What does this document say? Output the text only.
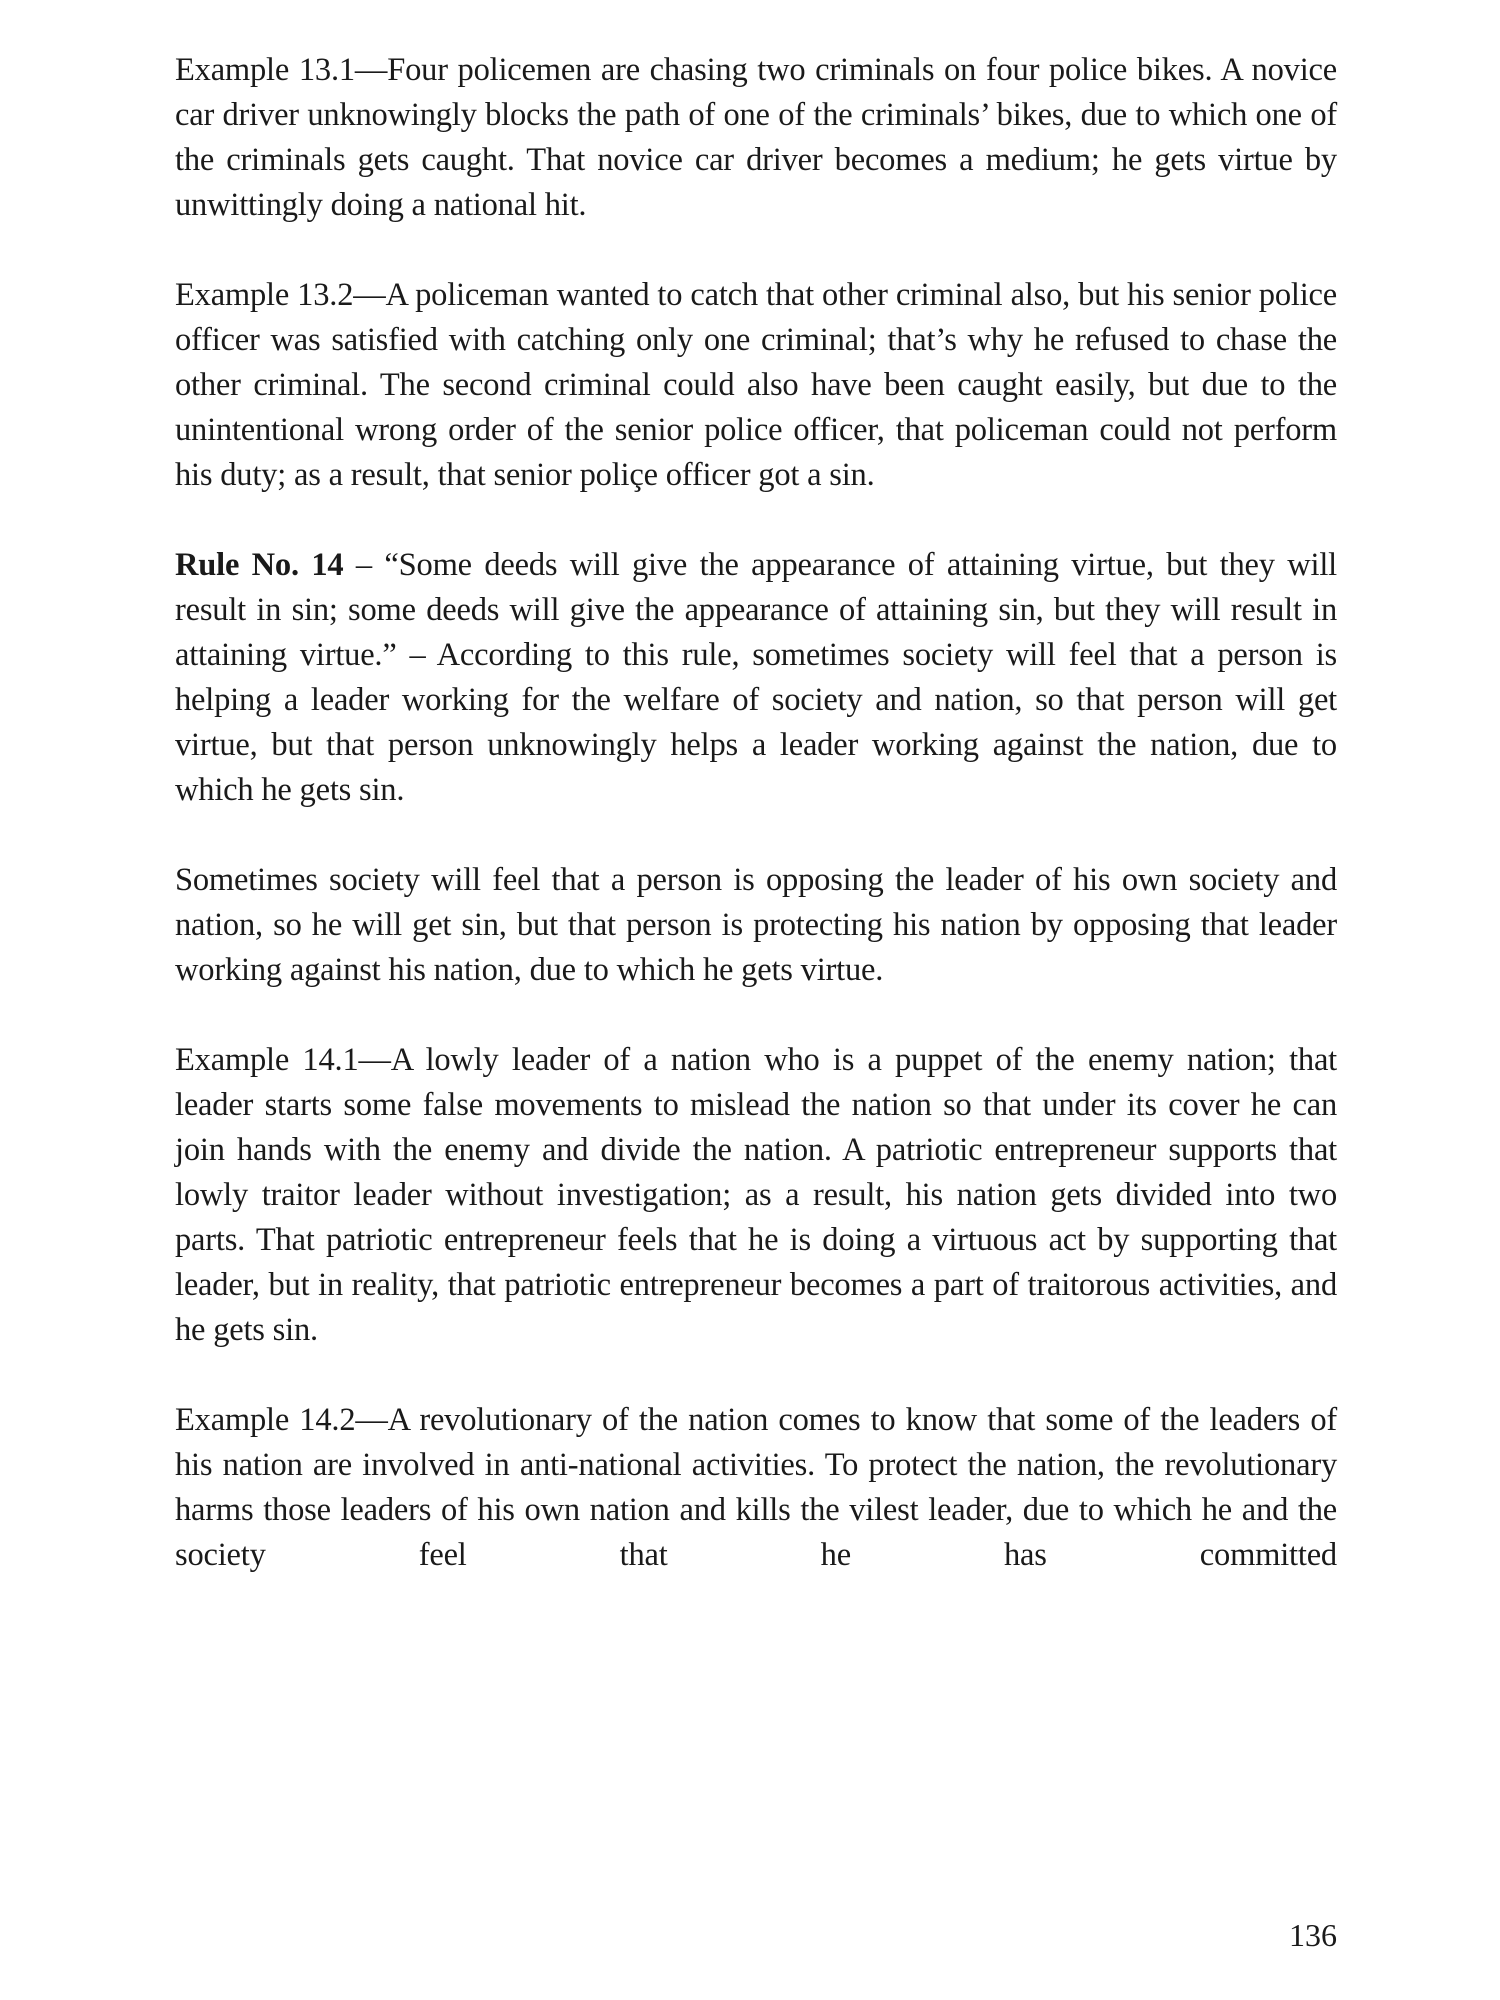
Example 13.1—Four policemen are chasing two criminals on four police bikes. A novice car driver unknowingly blocks the path of one of the criminals’ bikes, due to which one of the criminals gets caught. That novice car driver becomes a medium; he gets virtue by unwittingly doing a national hit.

Example 13.2—A policeman wanted to catch that other criminal also, but his senior police officer was satisfied with catching only one criminal; that’s why he refused to chase the other criminal. The second criminal could also have been caught easily, but due to the unintentional wrong order of the senior police officer, that policeman could not perform his duty; as a result, that senior poliçe officer got a sin.

Rule No. 14 – “Some deeds will give the appearance of attaining virtue, but they will result in sin; some deeds will give the appearance of attaining sin, but they will result in attaining virtue.” – According to this rule, sometimes society will feel that a person is helping a leader working for the welfare of society and nation, so that person will get virtue, but that person unknowingly helps a leader working against the nation, due to which he gets sin.

Sometimes society will feel that a person is opposing the leader of his own society and nation, so he will get sin, but that person is protecting his nation by opposing that leader working against his nation, due to which he gets virtue.

Example 14.1—A lowly leader of a nation who is a puppet of the enemy nation; that leader starts some false movements to mislead the nation so that under its cover he can join hands with the enemy and divide the nation. A patriotic entrepreneur supports that lowly traitor leader without investigation; as a result, his nation gets divided into two parts. That patriotic entrepreneur feels that he is doing a virtuous act by supporting that leader, but in reality, that patriotic entrepreneur becomes a part of traitorous activities, and he gets sin.

Example 14.2—A revolutionary of the nation comes to know that some of the leaders of his nation are involved in anti-national activities. To protect the nation, the revolutionary harms those leaders of his own nation and kills the vilest leader, due to which he and the society feel that he has committed

136
